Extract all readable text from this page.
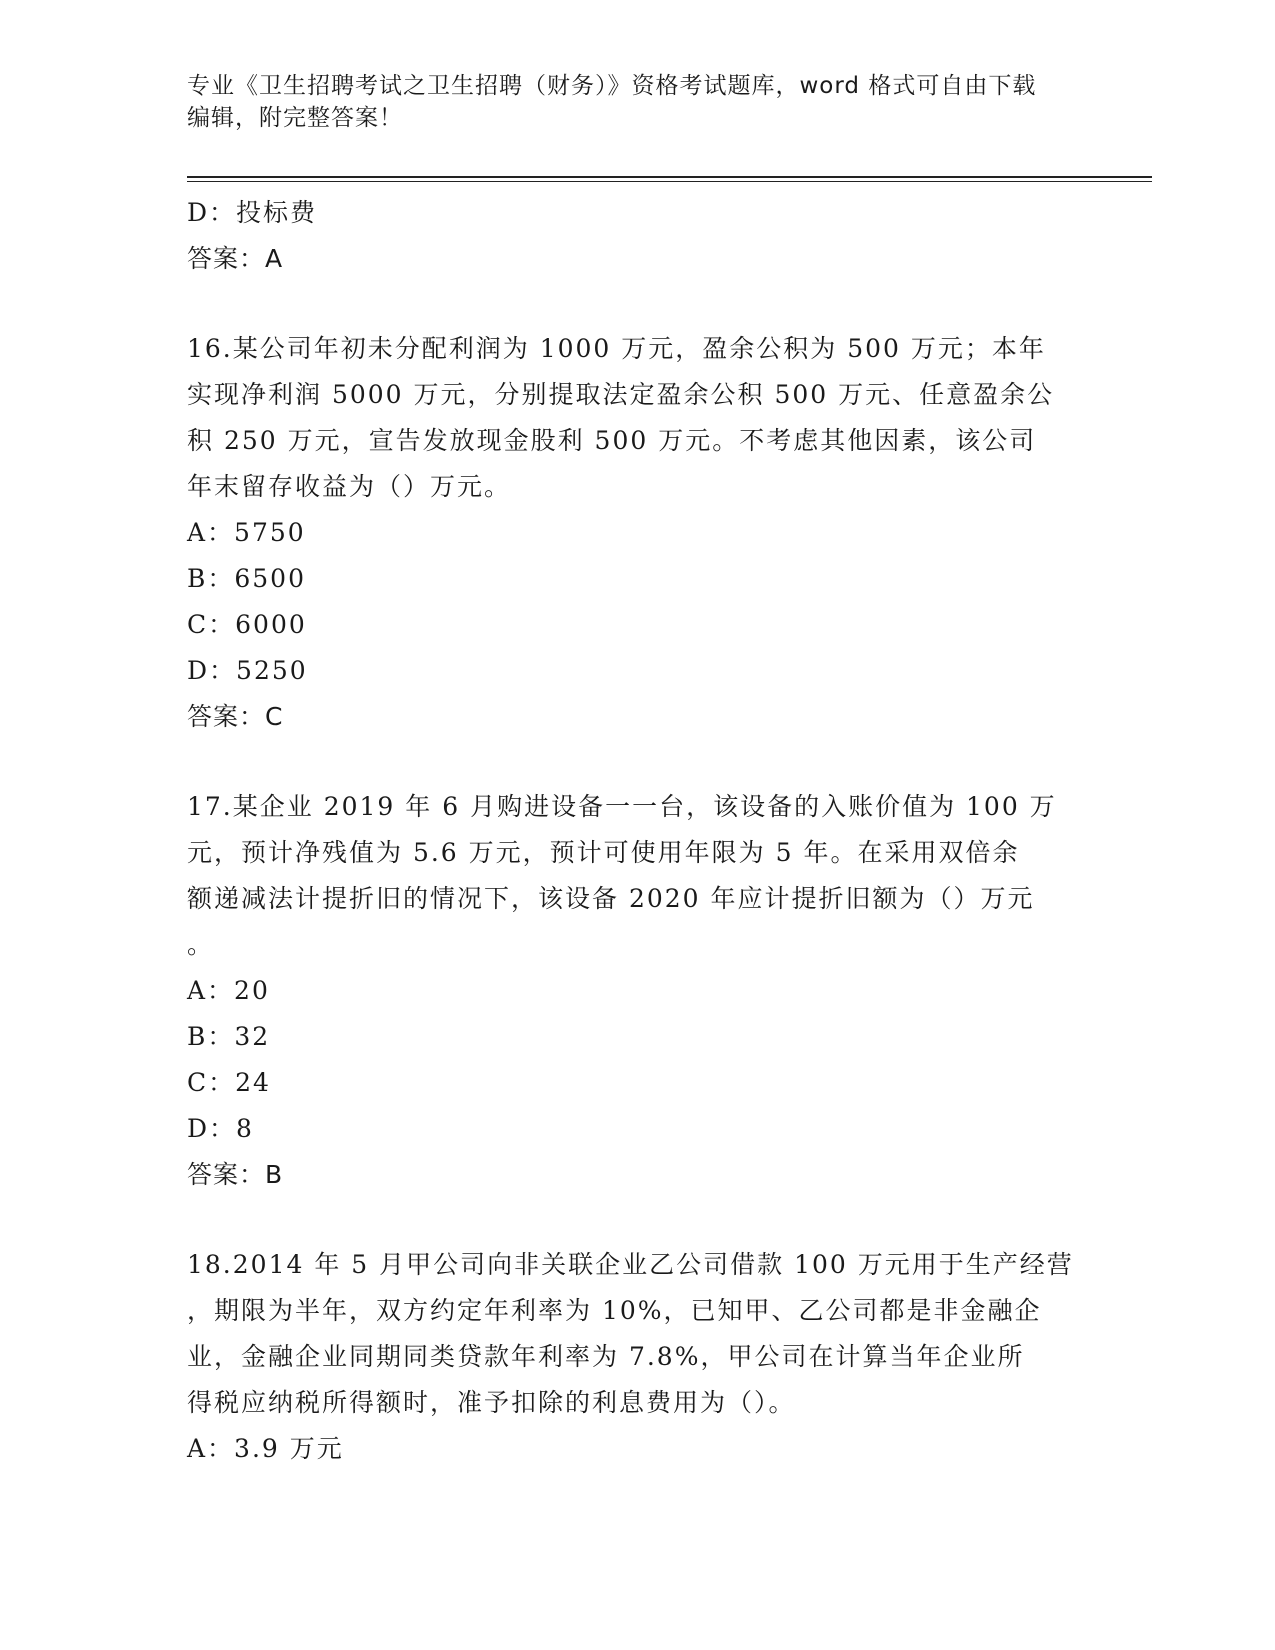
专业《卫生招聘考试之卫生招聘（财务）》资格考试题库，word 格式可自由下载
编辑，附完整答案！
D：投标费
答案：A
16.某公司年初未分配利润为 1000 万元，盈余公积为 500 万元；本年
实现净利润 5000 万元，分别提取法定盈余公积 500 万元、任意盈余公
积 250 万元，宣告发放现金股利 500 万元。不考虑其他因素，该公司
年末留存收益为（）万元。
A：5750
B：6500
C：6000
D：5250
答案：C
17.某企业 2019 年 6 月购进设备一一台，该设备的入账价值为 100 万
元，预计净残值为 5.6 万元，预计可使用年限为 5 年。在采用双倍余
额递减法计提折旧的情况下，该设备 2020 年应计提折旧额为（）万元
。
A：20
B：32
C：24
D：8
答案：B
18.2014 年 5 月甲公司向非关联企业乙公司借款 100 万元用于生产经营
，期限为半年，双方约定年利率为 10%，已知甲、乙公司都是非金融企
业，金融企业同期同类贷款年利率为 7.8%，甲公司在计算当年企业所
得税应纳税所得额时，准予扣除的利息费用为（）。
A：3.9 万元
